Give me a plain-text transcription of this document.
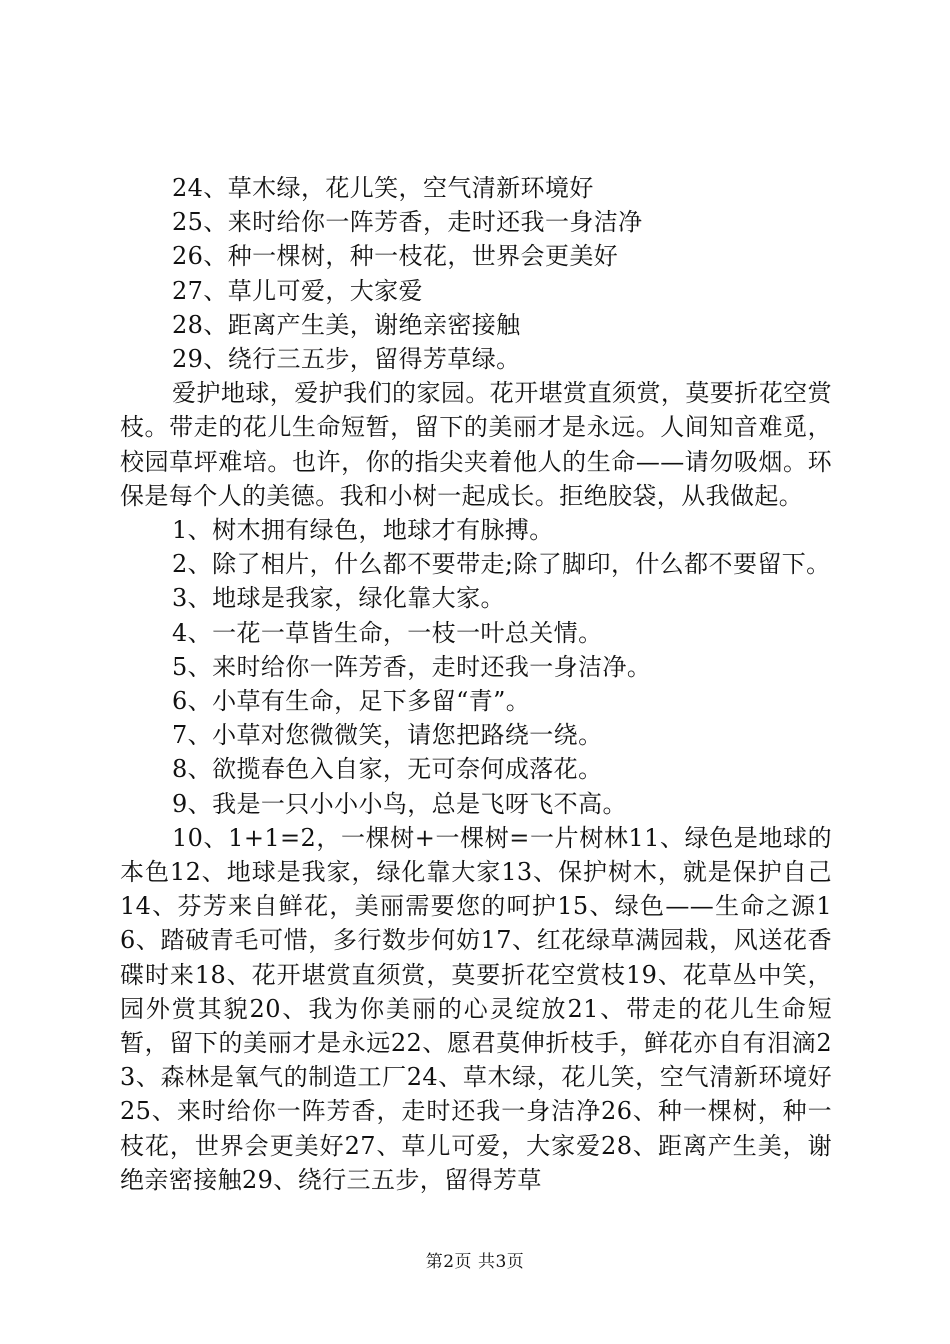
24、草木绿，花儿笑，空气清新环境好

25、来时给你一阵芳香，走时还我一身洁净

26、种一棵树，种一枝花，世界会更美好

27、草儿可爱，大家爱

28、距离产生美，谢绝亲密接触

29、绕行三五步，留得芳草绿。

爱护地球，爱护我们的家园。花开堪赏直须赏，莫要折花空赏枝。带走的花儿生命短暂，留下的美丽才是永远。人间知音难觅，校园草坪难培。也许，你的指尖夹着他人的生命——请勿吸烟。环保是每个人的美德。我和小树一起成长。拒绝胶袋，从我做起。

1、树木拥有绿色，地球才有脉搏。

2、除了相片，什么都不要带走;除了脚印，什么都不要留下。

3、地球是我家，绿化靠大家。

4、一花一草皆生命，一枝一叶总关情。

5、来时给你一阵芳香，走时还我一身洁净。

6、小草有生命，足下多留“青”。

7、小草对您微微笑，请您把路绕一绕。

8、欲揽春色入自家，无可奈何成落花。

9、我是一只小小小鸟，总是飞呀飞不高。

10、1+1=2，一棵树+一棵树=一片树林11、绿色是地球的本色12、地球是我家，绿化靠大家13、保护树木，就是保护自己14、芬芳来自鲜花，美丽需要您的呵护15、绿色——生命之源16、踏破青毛可惜，多行数步何妨17、红花绿草满园栽，风送花香碟时来18、花开堪赏直须赏，莫要折花空赏枝19、花草丛中笑，园外赏其貌20、我为你美丽的心灵绽放21、带走的花儿生命短暂，留下的美丽才是永远22、愿君莫伸折枝手，鲜花亦自有泪滴23、森林是氧气的制造工厂24、草木绿，花儿笑，空气清新环境好25、来时给你一阵芳香，走时还我一身洁净26、种一棵树，种一枝花，世界会更美好27、草儿可爱，大家爱28、距离产生美，谢绝亲密接触29、绕行三五步，留得芳草

第2页 共3页
